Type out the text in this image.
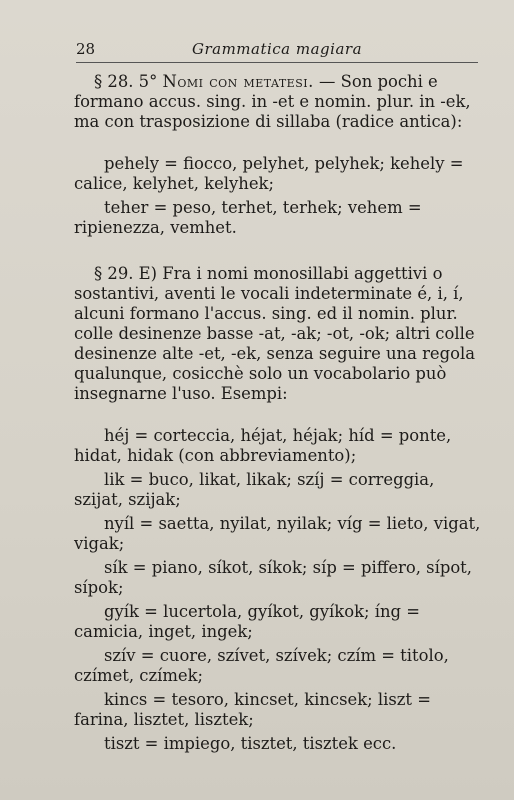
28	Grammatica magiara

§ 28. 5° Nomi con metatesi. — Son pochi e formano accus. sing. in -et e nomin. plur. in -ek, ma con trasposizione di sillaba (radice antica):

pehely = fiocco, pelyhet, pelyhek; kehely = calice, kelyhet, kelyhek;

teher = peso, terhet, terhek; vehem = ripienezza, vemhet.

§ 29. E) Fra i nomi monosillabi aggettivi o sostantivi, aventi le vocali indeterminate é, i, í, alcuni formano l'accus. sing. ed il nomin. plur. colle desinenze basse -at, -ak; -ot, -ok; altri colle desinenze alte -et, -ek, senza seguire una regola qualunque, cosicchè solo un vocabolario può insegnarne l'uso. Esempi:

héj = corteccia, héjat, héjak; híd = ponte, hidat, hidak (con abbreviamento);

lik = buco, likat, likak; szíj = correggia, szijat, szijak;

nyíl = saetta, nyilat, nyilak; víg = lieto, vigat, vigak;

sík = piano, síkot, síkok; síp = piffero, sípot, sípok;

gyík = lucertola, gyíkot, gyíkok; íng = camicia, inget, ingek;

szív = cuore, szívet, szívek; czím = titolo, czímet, czímek;

kincs = tesoro, kincset, kincsek; liszt = farina, lisztet, lisztek;

tiszt = impiego, tisztet, tisztek ecc.
